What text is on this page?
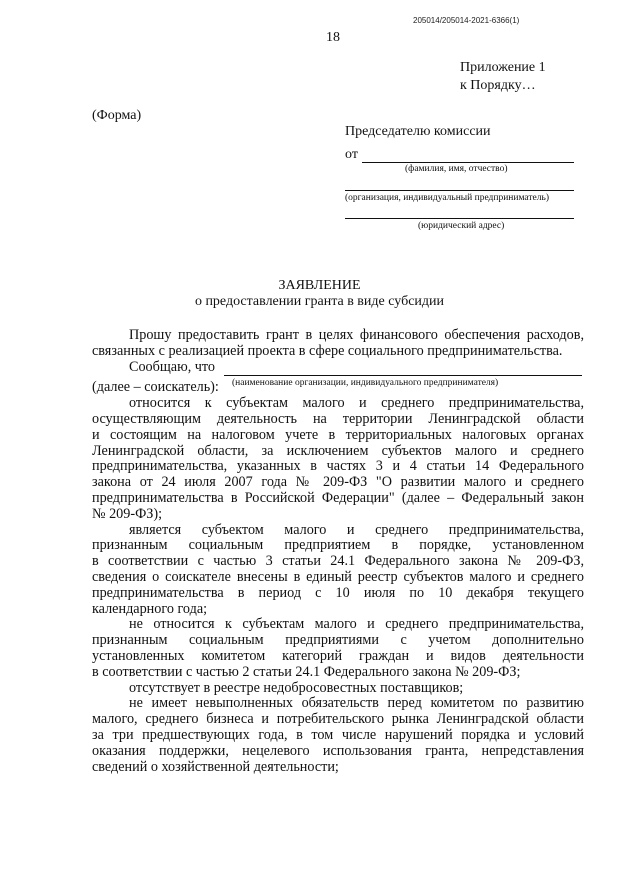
205014/205014-2021-6366(1)
18
Приложение 1
к Порядку…
(Форма)
Председателю комиссии
от
(фамилия, имя, отчество)
(организация, индивидуальный предприниматель)
(юридический адрес)
ЗАЯВЛЕНИЕ
о предоставлении гранта в виде субсидии
Прошу предоставить грант в целях финансового обеспечения расходов,
связанных с реализацией проекта в сфере социального предпринимательства.
Сообщаю, что
(наименование организации, индивидуального предпринимателя)
(далее – соискатель):
относится к субъектам малого и среднего предпринимательства,
осуществляющим деятельность на территории Ленинградской области
и состоящим на налоговом учете в территориальных налоговых органах
Ленинградской области, за исключением субъектов малого и среднего
предпринимательства, указанных в частях 3 и 4 статьи 14 Федерального
закона от 24 июля 2007 года № 209-ФЗ "О развитии малого и среднего
предпринимательства в Российской Федерации" (далее – Федеральный закон
№ 209-ФЗ);
является субъектом малого и среднего предпринимательства,
признанным социальным предприятием в порядке, установленном
в соответствии с частью 3 статьи 24.1 Федерального закона № 209-ФЗ,
сведения о соискателе внесены в единый реестр субъектов малого и среднего
предпринимательства в период с 10 июля по 10 декабря текущего
календарного года;
не относится к субъектам малого и среднего предпринимательства,
признанным социальным предприятиями с учетом дополнительно
установленных комитетом категорий граждан и видов деятельности
в соответствии с частью 2 статьи 24.1 Федерального закона № 209-ФЗ;
отсутствует в реестре недобросовестных поставщиков;
не имеет невыполненных обязательств перед комитетом по развитию
малого, среднего бизнеса и потребительского рынка Ленинградской области
за три предшествующих года, в том числе нарушений порядка и условий
оказания поддержки, нецелевого использования гранта, непредставления
сведений о хозяйственной деятельности;
